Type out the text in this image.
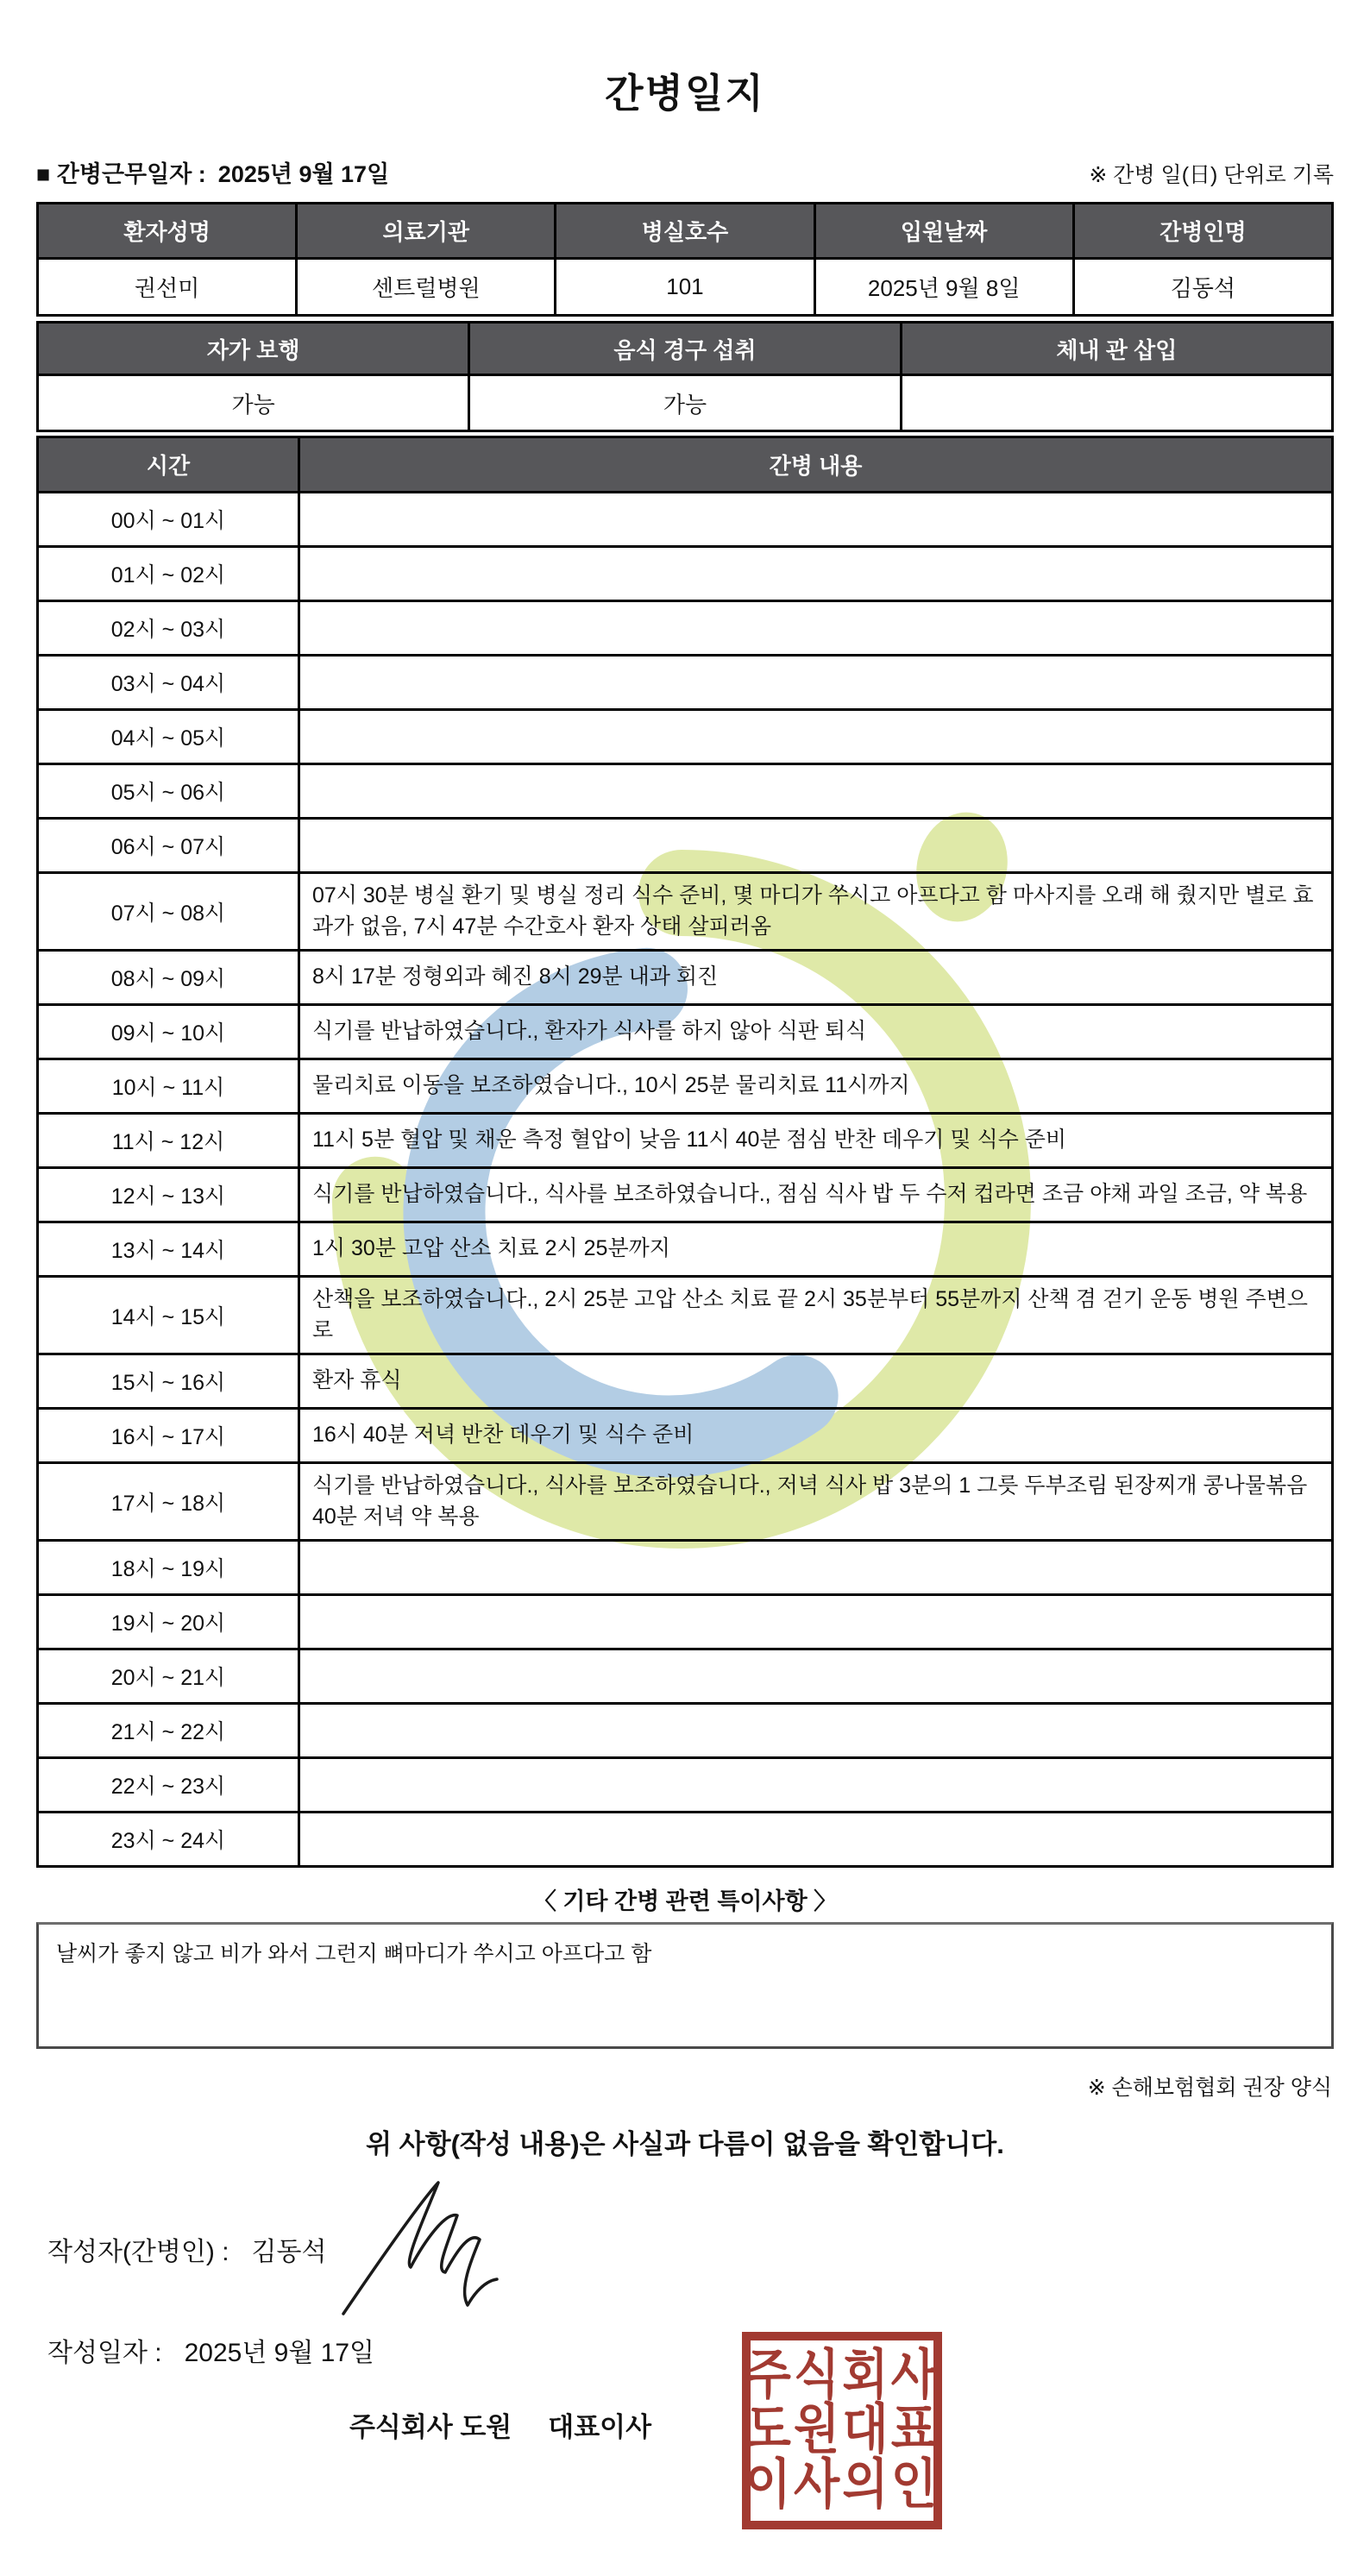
간병일지
■ 간병근무일자 : 2025년 9월 17일	※ 간병 일(日) 단위로 기록
환자성명	의료기관	병실호수	입원날짜	간병인명
권선미	센트럴병원	101	2025년 9월 8일	김동석
자가 보행	음식 경구 섭취	체내 관 삽입
가능	가능	
시간	간병 내용
00시 ~ 01시	
01시 ~ 02시	
02시 ~ 03시	
03시 ~ 04시	
04시 ~ 05시	
05시 ~ 06시	
06시 ~ 07시	
07시 ~ 08시	07시 30분 병실 환기 및 병실 정리 식수 준비, 몇 마디가 쑤시고 아프다고 함 마사지를 오래 해 줬지만 별로 효과가 없음, 7시 47분 수간호사 환자 상태 살피러옴
08시 ~ 09시	8시 17분 정형외과 혜진 8시 29분 내과 회진
09시 ~ 10시	식기를 반납하였습니다., 환자가 식사를 하지 않아 식판 퇴식
10시 ~ 11시	물리치료 이동을 보조하였습니다., 10시 25분 물리치료 11시까지
11시 ~ 12시	11시 5분 혈압 및 채운 측정 혈압이 낮음 11시 40분 점심 반찬 데우기 및 식수 준비
12시 ~ 13시	식기를 반납하였습니다., 식사를 보조하였습니다., 점심 식사 밥 두 수저 컵라면 조금 야채 과일 조금, 약 복용
13시 ~ 14시	1시 30분 고압 산소 치료 2시 25분까지
14시 ~ 15시	산책을 보조하였습니다., 2시 25분 고압 산소 치료 끝 2시 35분부터 55분까지 산책 겸 걷기 운동 병원 주변으로
15시 ~ 16시	환자 휴식
16시 ~ 17시	16시 40분 저녁 반찬 데우기 및 식수 준비
17시 ~ 18시	식기를 반납하였습니다., 식사를 보조하였습니다., 저녁 식사 밥 3분의 1 그릇 두부조림 된장찌개 콩나물볶음 40분 저녁 약 복용
18시 ~ 19시	
19시 ~ 20시	
20시 ~ 21시	
21시 ~ 22시	
22시 ~ 23시	
23시 ~ 24시	
〈 기타 간병 관련 특이사항 〉
날씨가 좋지 않고 비가 와서 그런지 뼈마디가 쑤시고 아프다고 함
※ 손해보험협회 권장 양식
위 사항(작성 내용)은 사실과 다름이 없음을 확인합니다.
작성자(간병인) : 김동석
작성일자 : 2025년 9월 17일
주식회사 도원 대표이사
주식회사
도원대표
이사의인
